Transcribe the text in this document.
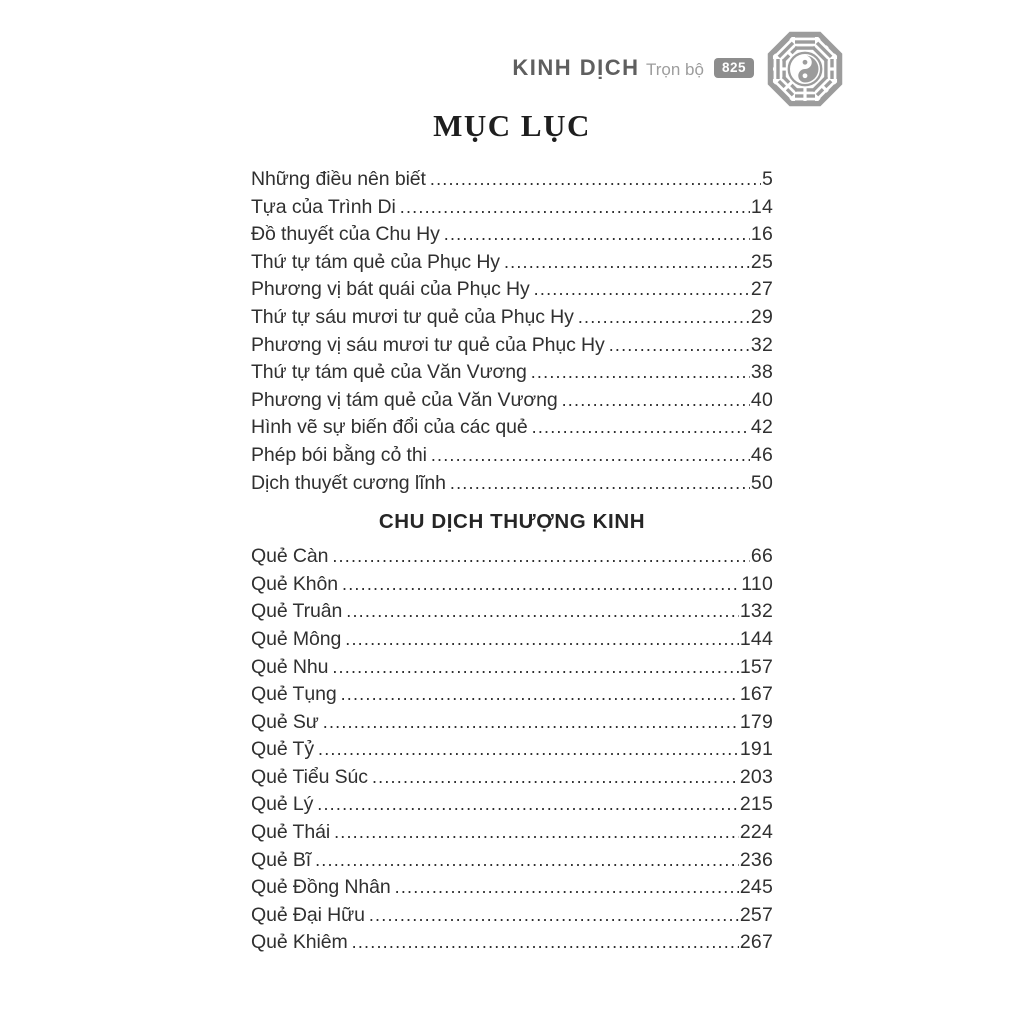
KINH DỊCH Trọn bộ	825
MỤC LỤC
Những điều nên biết .....	5
Tựa của Trình Di .....	14
Đồ thuyết của Chu Hy .....	16
Thứ tự tám quẻ của Phục Hy .....	25
Phương vị bát quái của Phục Hy .....	27
Thứ tự sáu mươi tư quẻ của Phục Hy .....	29
Phương vị sáu mươi tư quẻ của Phục Hy .....	32
Thứ tự tám quẻ của Văn Vương .....	38
Phương vị tám quẻ của Văn Vương .....	40
Hình vẽ sự biến đổi của các quẻ .....	42
Phép bói bằng cỏ thi .....	46
Dịch thuyết cương lĩnh .....	50
CHU DỊCH THƯỢNG KINH
Quẻ Càn .....	66
Quẻ Khôn .....	110
Quẻ Truân .....	132
Quẻ Mông .....	144
Quẻ Nhu .....	157
Quẻ Tụng .....	167
Quẻ Sư .....	179
Quẻ Tỷ .....	191
Quẻ Tiểu Súc .....	203
Quẻ Lý .....	215
Quẻ Thái .....	224
Quẻ Bĩ .....	236
Quẻ Đồng Nhân .....	245
Quẻ Đại Hữu .....	257
Quẻ Khiêm .....	267
